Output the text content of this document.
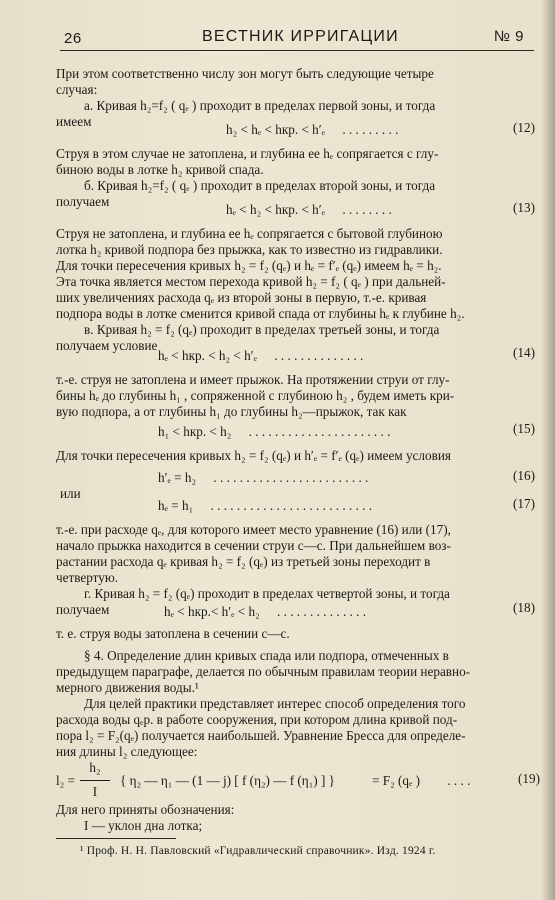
26	ВЕСТНИК ИРРИГАЦИИ	№ 9
При этом соответственно числу зон могут быть следующие четыре
случая:
а. Кривая h₂=f₂ ( qₑ ) проходит в пределах первой зоны, и тогда
имеем
h₂ < hₑ < hкр. < h′ₑ . . . . . . . . .	(12)
Струя в этом случае не затоплена, и глубина ее hₑ сопрягается с глу-
биною воды в лотке h₂ кривой спада.
б. Кривая h₂=f₂ ( qₑ ) проходит в пределах второй зоны, и тогда
получаем
hₑ < h₂ < hкр. < h′ₑ . . . . . . . .	(13)
Струя не затоплена, и глубина ее hₑ сопрягается с бытовой глубиною
лотка h₂ кривой подпора без прыжка, как то известно из гидравлики.
Для точки пересечения кривых h₂ = f₂ (qₑ) и hₑ = f′ₑ (qₑ) имеем hₑ = h₂.
Эта точка является местом перехода кривой h₂ = f₂ ( qₑ ) при дальней-
ших увеличениях расхода qₑ из второй зоны в первую, т.-е. кривая
подпора воды в лотке сменится кривой спада от глубины hₑ к глубине h₂.
в. Кривая h₂ = f₂ (qₑ) проходит в пределах третьей зоны, и тогда
получаем условие
hₑ < hкр. < h₂ < h′ₑ . . . . . . . . . . . . . .	(14)
т.-е. струя не затоплена и имеет прыжок. На протяжении струи от глу-
бины hₑ до глубины h₁ , сопряженной с глубиною h₂ , будем иметь кри-
вую подпора, а от глубины h₁ до глубины h₂—прыжок, так как
h₁ < hкр. < h₂ . . . . . . . . . . . . . . . . . . . . . .	(15)
Для точки пересечения кривых h₂ = f₂ (qₑ) и h′ₑ = f′ₑ (qₑ) имеем условия
h′ₑ = h₂ . . . . . . . . . . . . . . . . . . . . . . . .	(16)
или
hₑ = h₁ . . . . . . . . . . . . . . . . . . . . . . . . .	(17)
т.-е. при расходе qₑ, для которого имеет место уравнение (16) или (17),
начало прыжка находится в сечении струи c—c. При дальнейшем воз-
растании расхода qₑ кривая h₂ = f₂ (qₑ) из третьей зоны переходит в
четвертую.
г. Кривая h₂ = f₂ (qₑ) проходит в пределах четвертой зоны, и тогда
получаем	hₑ < hкр.< h′ₑ < h₂ . . . . . . . . . . . . . .	(18)
т. е. струя воды затоплена в сечении c—c.
§ 4. Определение длин кривых спада или подпора, отмеченных в
предыдущем параграфе, делается по обычным правилам теории неравно-
мерного движения воды.¹
Для целей практики представляет интерес способ определения того
расхода воды qₑр. в работе сооружения, при котором длина кривой под-
пора l₂ = F₂(qₑ) получается наибольшей. Уравнение Бресса для определе-
ния длины l₂ следующее:
l₂ =
h₂
I
{ η₂ — η₁ — (1 — j) [ f (η₂) — f (η₁) ] }	= F₂ (qₑ ) . . . .	(19)
Для него приняты обозначения:
I — уклон дна лотка;
¹ Проф. Н. Н. Павловский «Гидравлический справочник». Изд. 1924 г.
